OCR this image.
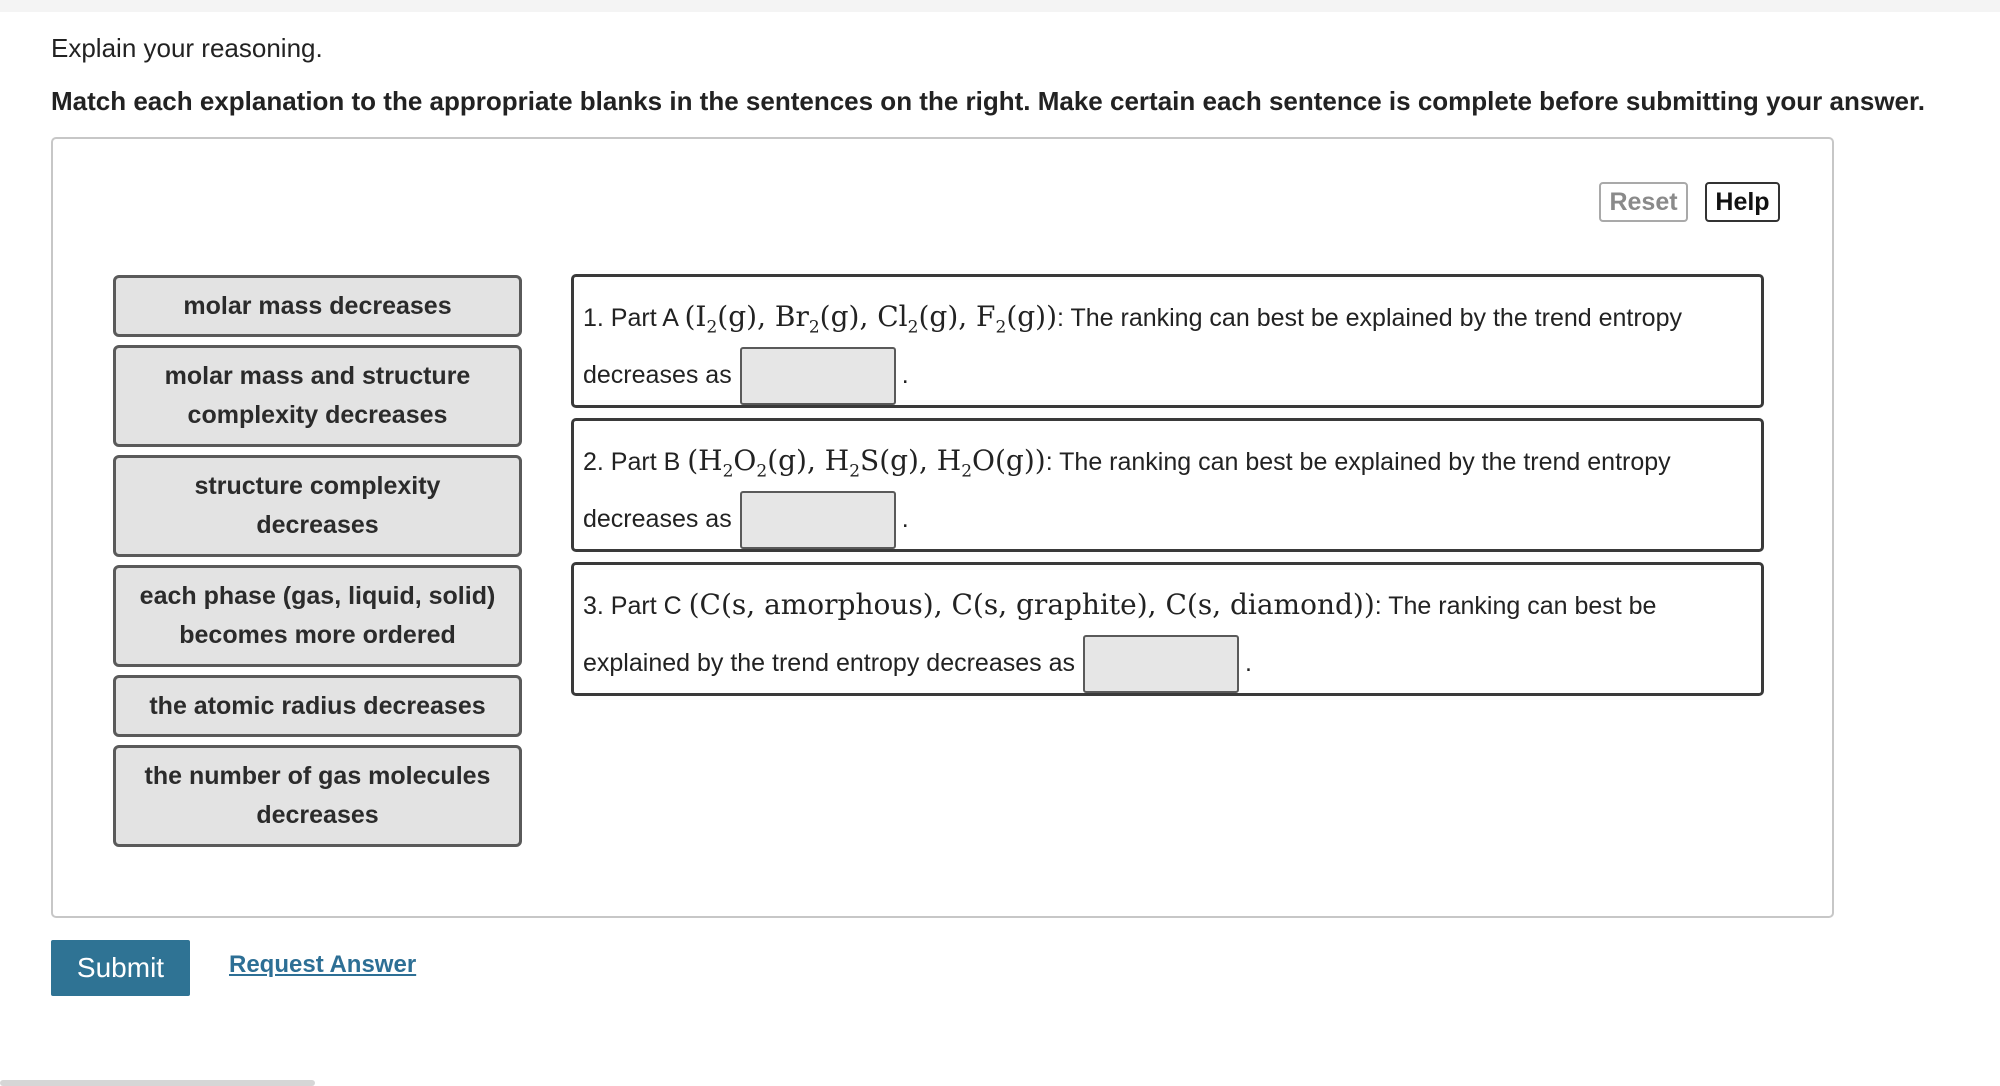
Explain your reasoning.
Match each explanation to the appropriate blanks in the sentences on the right. Make certain each sentence is complete before submitting your answer.
Reset	Help
molar mass decreases
molar mass and structure
complexity decreases
structure complexity
decreases
each phase (gas, liquid, solid)
becomes more ordered
the atomic radius decreases
the number of gas molecules
decreases
1. Part A ($I_2(g)$, $Br_2(g)$, $Cl_2(g)$, $F_2(g)$): The ranking can best be explained by the trend entropy
decreases as	.
2. Part B ($H_2O_2(g)$, $H_2S(g)$, $H_2O(g)$): The ranking can best be explained by the trend entropy
decreases as	.
3. Part C (C(s, amorphous), C(s, graphite), C(s, diamond)): The ranking can best be
explained by the trend entropy decreases as	.
Submit	Request Answer
